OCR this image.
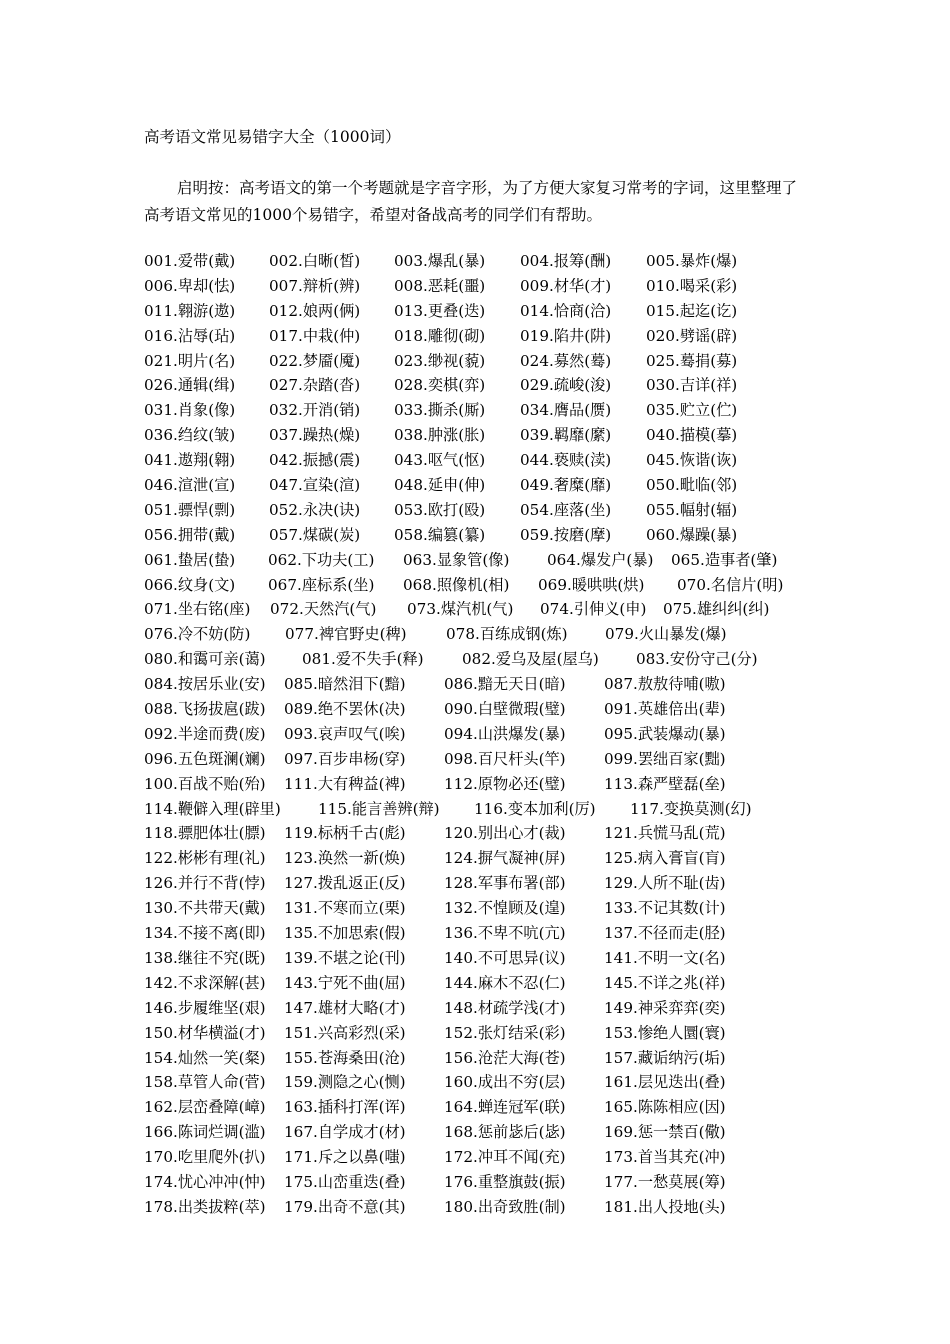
高考语文常见易错字大全（1000词）
启明按：高考语文的第一个考题就是字音字形，为了方便大家复习常考的字词，这里整理了高考语文常见的1000个易错字，希望对备战高考的同学们有帮助。
001.爱带(戴) 002.白晰(皙) 003.爆乱(暴) 004.报筹(酬) 005.暴炸(爆)
006.卑却(怯) 007.辩析(辨) 008.恶耗(噩) 009.材华(才) 010.喝采(彩)
011.翱游(遨) 012.娘两(俩) 013.更叠(迭) 014.恰商(洽) 015.起迄(讫)
016.沾辱(玷) 017.中栽(仲) 018.雕彻(砌) 019.陷井(阱) 020.劈谣(辟)
021.明片(名) 022.梦靥(魇) 023.缈视(藐) 024.募然(蓦) 025.蓦捐(募)
026.通辑(缉) 027.杂踏(沓) 028.奕棋(弈) 029.疏峻(浚) 030.吉详(祥)
031.肖象(像) 032.开消(销) 033.撕杀(厮) 034.膺品(赝) 035.贮立(伫)
036.绉纹(皱) 037.躁热(燥) 038.肿涨(胀) 039.羁靡(縻) 040.描模(摹)
041.遨翔(翱) 042.振撼(震) 043.呕气(怄) 044.亵赎(渎) 045.恢谐(诙)
046.渲泄(宣) 047.宣染(渲) 048.延申(伸) 049.奢糜(靡) 050.毗临(邻)
051.骠悍(剽) 052.永决(诀) 053.欧打(殴) 054.座落(坐) 055.幅射(辐)
056.拥带(戴) 057.煤碳(炭) 058.编篡(纂) 059.按磨(摩) 060.爆躁(暴)
061.蛰居(蛰) 062.下功夫(工) 063.显象管(像) 064.爆发户(暴) 065.造事者(肇)
066.纹身(文) 067.座标系(坐) 068.照像机(相) 069.暖哄哄(烘) 070.名信片(明)
071.坐右铭(座) 072.天然汽(气) 073.煤汽机(气) 074.引伸义(申) 075.雄纠纠(纠)
076.冷不妨(防) 077.裨官野史(稗)	078.百练成钢(炼) 079.火山暴发(爆)
080.和霭可亲(蔼) 081.爱不失手(释)	082.爱乌及屋(屋乌) 083.安份守己(分)
084.按居乐业(安) 085.暗然泪下(黯)	086.黯无天日(暗)	087.敖敖待哺(嗷)
088.飞扬拔扈(跋) 089.绝不罢休(决)	090.白壁微瑕(璧)	091.英雄倍出(辈)
092.半途而费(废) 093.哀声叹气(唉)	094.山洪爆发(暴)	095.武装爆动(暴)
096.五色斑澜(斓) 097.百步串杨(穿)	098.百尺杆头(竿)	099.罢绌百家(黜)
100.百战不贻(殆) 111.大有稗益(裨)	112.原物必还(璧)	113.森严壁磊(垒)
114.鞭僻入理(辟里) 115.能言善辨(辩) 116.变本加利(厉) 117.变换莫测(幻)
118.骠肥体壮(膘) 119.标柄千古(彪)	120.别出心才(裁)	121.兵慌马乱(荒)
122.彬彬有理(礼) 123.涣然一新(焕)	124.摒气凝神(屏)	125.病入膏盲(肓)
126.并行不背(悖) 127.拨乱返正(反)	128.军事布署(部)	129.人所不耻(齿)
130.不共带天(戴) 131.不寒而立(栗)	132.不惶顾及(遑)	133.不记其数(计)
134.不接不离(即) 135.不加思索(假)	136.不卑不吭(亢)	137.不径而走(胫)
138.继往不究(既) 139.不堪之论(刊)	140.不可思异(议)	141.不明一文(名)
142.不求深解(甚) 143.宁死不曲(屈)	144.麻木不忍(仁)	145.不详之兆(祥)
146.步履维坚(艰) 147.雄材大略(才)	148.材疏学浅(才)	149.神采弈弈(奕)
150.材华横溢(才) 151.兴高彩烈(采)	152.张灯结采(彩)	153.惨绝人圜(寰)
154.灿然一笑(粲) 155.苍海桑田(沧)	156.沧茫大海(苍)	157.藏诟纳污(垢)
158.草管人命(菅) 159.测隐之心(恻)	160.成出不穷(层)	161.层见迭出(叠)
162.层峦叠障(嶂) 163.插科打浑(诨)	164.蝉连冠军(联)	165.陈陈相应(因)
166.陈词烂调(滥) 167.自学成才(材)	168.惩前毖后(毖)	169.惩一禁百(儆)
170.吃里爬外(扒) 171.斥之以鼻(嗤)	172.冲耳不闻(充)	173.首当其充(冲)
174.忧心冲冲(忡) 175.山峦重迭(叠)	176.重整旗鼓(振)	177.一愁莫展(筹)
178.出类拔粹(萃) 179.出奇不意(其)	180.出奇致胜(制)	181.出人投地(头)
